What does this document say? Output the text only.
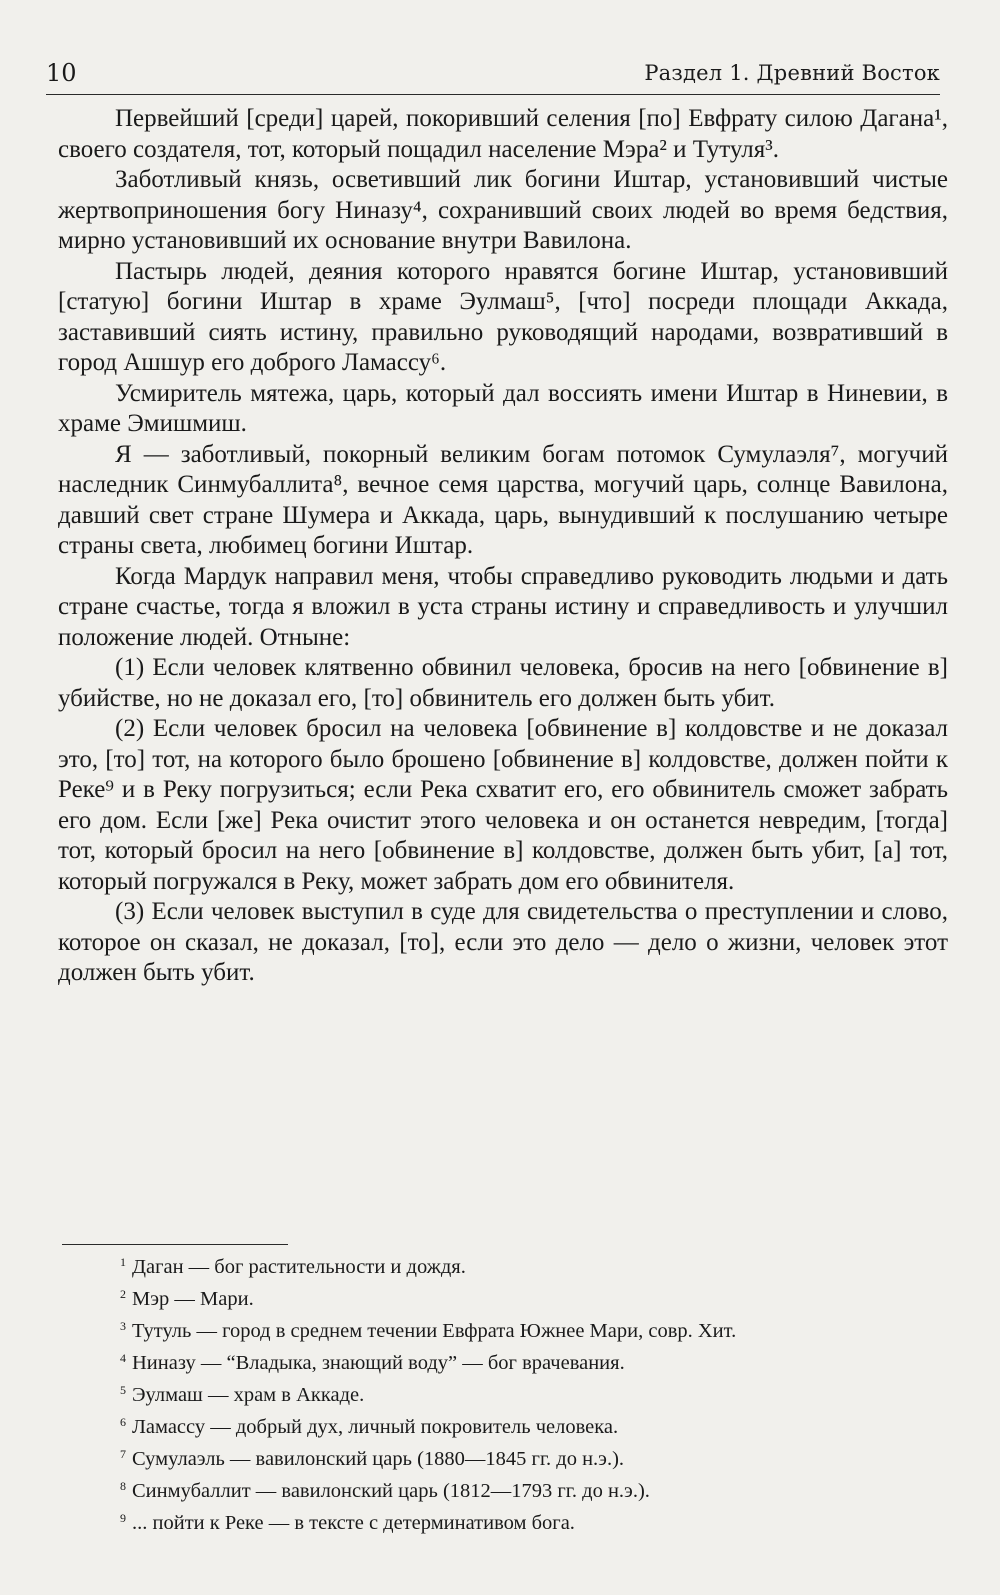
10	Раздел 1. Древний Восток

Первейший [среди] царей, покоривший селения [по] Евфрату силою Дагана¹, своего создателя, тот, который пощадил население Мэра² и Тутуля³.

Заботливый князь, осветивший лик богини Иштар, установивший чистые жертвоприношения богу Ниназу⁴, сохранивший своих людей во время бедствия, мирно установивший их основание внутри Вавилона.

Пастырь людей, деяния которого нравятся богине Иштар, установивший [статую] богини Иштар в храме Эулмаш⁵, [что] посреди площади Аккада, заставивший сиять истину, правильно руководящий народами, возвративший в город Ашшур его доброго Ламассу⁶.

Усмиритель мятежа, царь, который дал воссиять имени Иштар в Ниневии, в храме Эмишмиш.

Я — заботливый, покорный великим богам потомок Сумулаэля⁷, могучий наследник Синмубаллита⁸, вечное семя царства, могучий царь, солнце Вавилона, давший свет стране Шумера и Аккада, царь, вынудивший к послушанию четыре страны света, любимец богини Иштар.

Когда Мардук направил меня, чтобы справедливо руководить людьми и дать стране счастье, тогда я вложил в уста страны истину и справедливость и улучшил положение людей. Отныне:

(1) Если человек клятвенно обвинил человека, бросив на него [обвинение в] убийстве, но не доказал его, [то] обвинитель его должен быть убит.

(2) Если человек бросил на человека [обвинение в] колдовстве и не доказал это, [то] тот, на которого было брошено [обвинение в] колдовстве, должен пойти к Реке⁹ и в Реку погрузиться; если Река схватит его, его обвинитель сможет забрать его дом. Если [же] Река очистит этого человека и он останется невредим, [тогда] тот, который бросил на него [обвинение в] колдовстве, должен быть убит, [а] тот, который погружался в Реку, может забрать дом его обвинителя.

(3) Если человек выступил в суде для свидетельства о преступлении и слово, которое он сказал, не доказал, [то], если это дело — дело о жизни, человек этот должен быть убит.

$^1$ Даган — бог растительности и дождя.

$^2$ Мэр — Мари.

$^3$ Тутуль — город в среднем течении Евфрата Южнее Мари, совр. Хит.

$^4$ Ниназу — “Владыка, знающий воду” — бог врачевания.

$^5$ Эулмаш — храм в Аккаде.

$^6$ Ламассу — добрый дух, личный покровитель человека.

$^7$ Сумулаэль — вавилонский царь (1880—1845 гг. до н.э.).

$^8$ Синмубаллит — вавилонский царь (1812—1793 гг. до н.э.).

$^9$ ... пойти к Реке — в тексте с детерминативом бога.
